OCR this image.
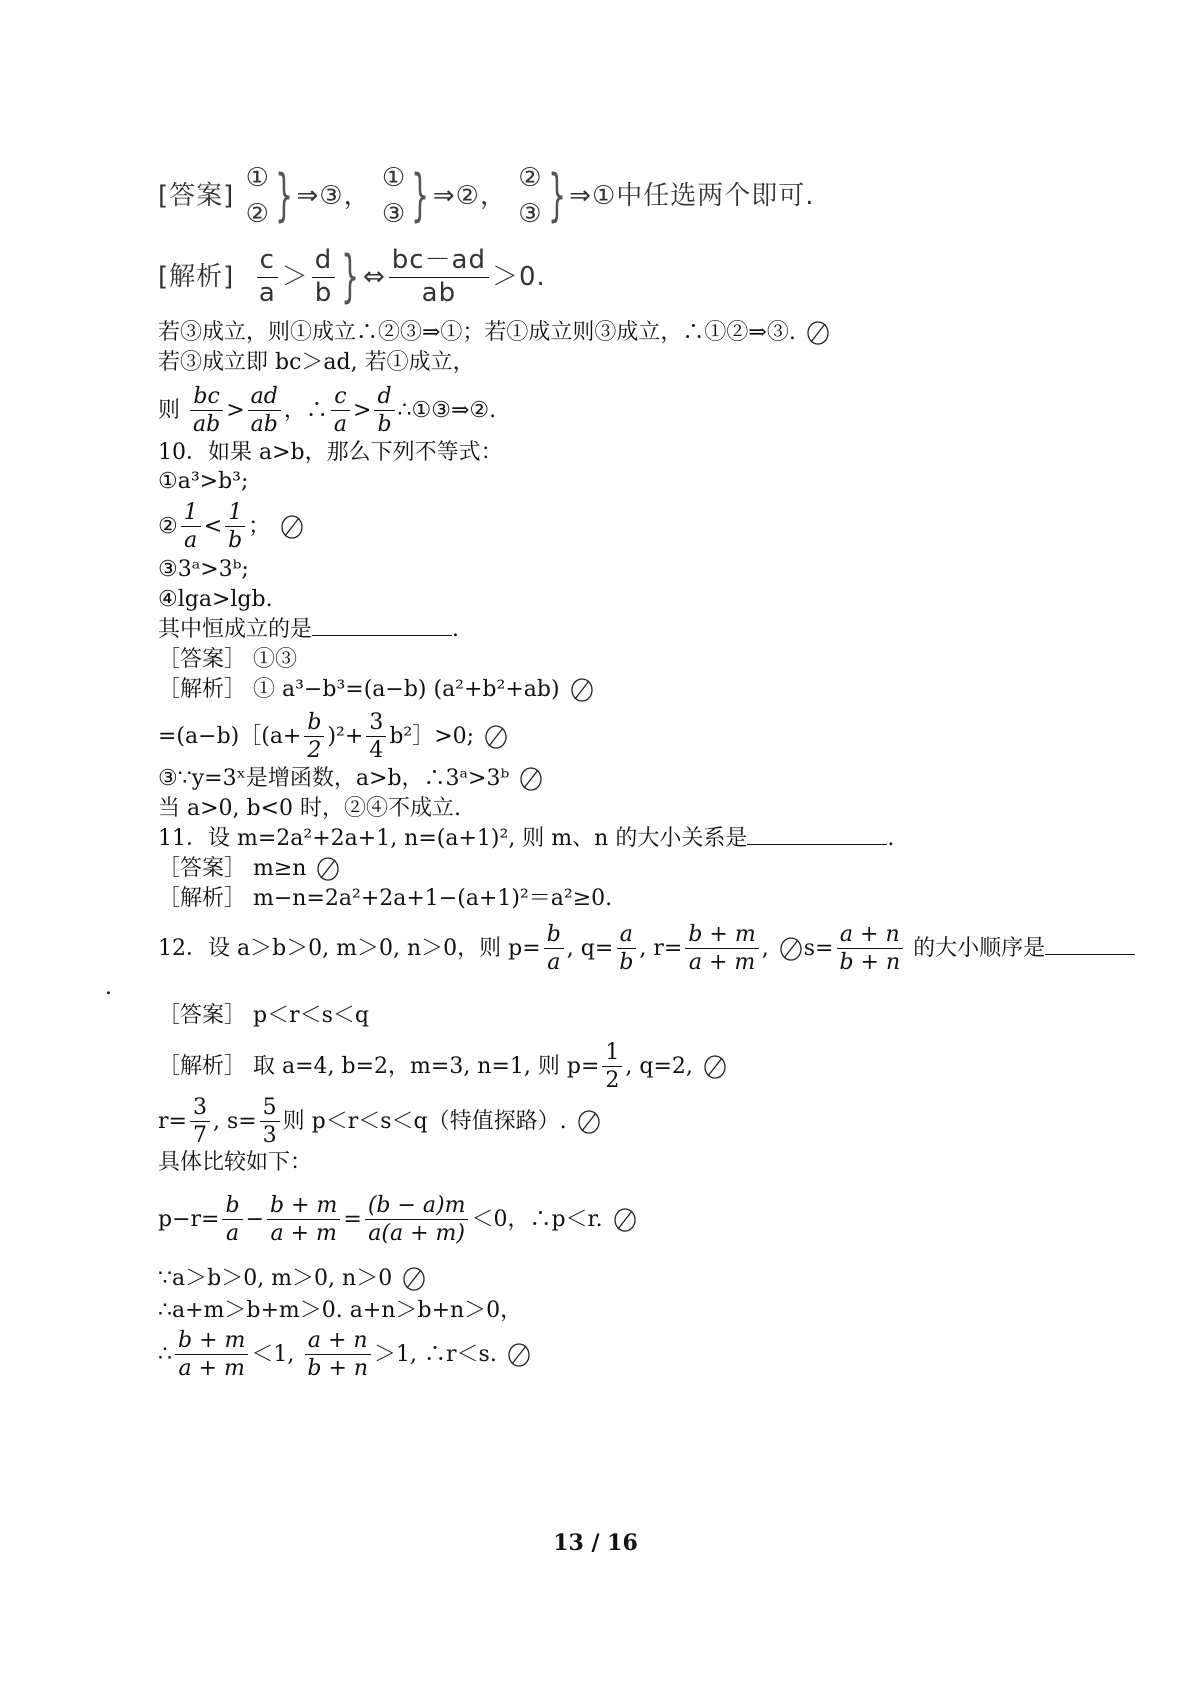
[答案]
①
② } ⇒③，
①
③ } ⇒②，
②
③ } ⇒①中任选两个即可.
[解析] $\frac{c}{a} > \frac{d}{b}$ } ⇔ $\frac{bc-ad}{ab} >0$.
若③成立，则①成立∴②③⇒①；若①成立则③成立，∴①②⇒③.
若③成立即 bc＞ad, 若①成立，
则 $\frac{bc}{ab} > \frac{ad}{ab}$ ，∴ $\frac{c}{a} > \frac{d}{b}$ ∴①③⇒②.
10．如果 a>b，那么下列不等式：
①a³>b³;
② $\frac{1}{a} < \frac{1}{b}$ ；
③3ᵃ>3ᵇ;
④lga>lgb.
其中恒成立的是	.
［答案］ ①③
［解析］ ① a³−b³=(a−b) (a²+b²+ab)
=(a−b)［(a+ $\frac{b}{2} )^2+ \frac{3}{4}$ b²］>0;
③∵y=3ˣ是增函数，a>b，∴3ᵃ>3ᵇ
当 a>0, b<0 时，②④不成立.
11．设 m=2a²+2a+1, n=(a+1)², 则 m、n 的大小关系是	.
［答案］ m≥n
［解析］ m−n=2a²+2a+1−(a+1)²＝a²≥0.
12．设 a＞b＞0, m＞0, n＞0，则 $p= \frac{b}{a}$ , $q= \frac{a}{b}$ , $r= \frac{b + m}{a + m}$ , $s= \frac{a + n}{b + n}$ 的大小顺序是
.
［答案］ p＜r＜s＜q
［解析］ 取 a=4, b=2，m=3, n=1, 则 $p= \frac{1}{2}$ , q=2,
$r= \frac{3}{7}$ , $s= \frac{5}{3}$ 则 p＜r＜s＜q（特值探路）.
具体比较如下：
$p-r= \frac{b}{a} - \frac{b + m}{a + m} = \frac{(b - a)m}{a(a + m)} <0$，∴p＜r.
∵a＞b＞0, m＞0, n＞0
∴a+m＞b+m＞0. a+n＞b+n＞0，
∴ $\frac{b + m}{a + m} <1$, $\frac{a + n}{b + n} >1$, ∴r＜s.
13 / 16
